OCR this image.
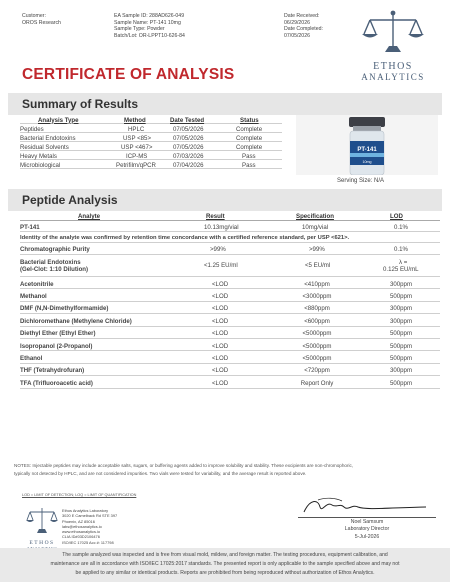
Customer:
OROS Research
EA Sample ID: 288AD626-049
Sample Name: PT-141 10mg
Sample Type: Powder
Batch/Lot: OR-LPPT10-626-84
Date Received:
06/29/2026
Date Completed:
07/05/2026
ETHOS
ANALYTICS
CERTIFICATE OF ANALYSIS
Summary of Results
Analysis Type	Method	Date Tested	Status
Peptides	HPLC	07/05/2026	Complete
Bacterial Endotoxins	USP <85>	07/05/2026	Complete
Residual Solvents	USP <467>	07/05/2026	Complete
Heavy Metals	ICP-MS	07/03/2026	Pass
Microbiological	Petrifilm/qPCR	07/04/2026	Pass
PT-141
10mg
Serving Size: N/A
Peptide Analysis
Analyte	Result	Specification	LOD
PT-141	10.13mg/vial	10mg/vial	0.1%
Identity of the analyte was confirmed by retention time concordance with a certified reference standard, per USP <621>.
Chromatographic Purity	>99%	>99%	0.1%
Bacterial Endotoxins
(Gel-Clot: 1:10 Dilution)
<1.25 EU/ml	<5 EU/ml	λ =
0.125 EU/mL
Acetonitrile	<LOD	<410ppm	300ppm
Methanol	<LOD	<3000ppm	500ppm
DMF (N,N-Dimethylformamide)	<LOD	<880ppm	300ppm
Dichloromethane (Methylene Chloride)	<LOD	<600ppm	300ppm
Diethyl Ether (Ethyl Ether)	<LOD	<5000ppm	500ppm
Isopropanol (2-Propanol)	<LOD	<5000ppm	500ppm
Ethanol	<LOD	<5000ppm	500ppm
THF (Tetrahydrofuran)	<LOD	<720ppm	300ppm
TFA (Trifluoroacetic acid)	<LOD	Report Only	500ppm
NOTES: Injectable peptides may include acceptable salts, sugars, or buffering agents added to improve solubility and stability. These excipients are non-chromophoric,
typically not detected by HPLC, and are not considered impurities. Two vials were tested for variability, and the average result is reported above.
LOD = LIMIT OF DETECTION; LOQ = LIMIT OF QUANTIFICATION
ETHOS
Ethos Analytics Laboratory
3020 E Camelback Rd STE 397
Phoenix, AZ 85016
labs@ethosanalytics.io
www.ethosanalytics.io
CLIA ID#03D2106476
ISO/IEC 17025 Acc #: 117798
Noel Samsum
Laboratory Director
5-Jul-2026
The sample analyzed was inspected and is free from visual mold, mildew, and foreign matter. The testing procedures, equipment calibration, and
maintenance are all in accordance with ISO/IEC 17025:2017 standards. The presented report is only applicable to the sample specified above and may not
be applied to any similar or identical products. Reports are prohibited from being reproduced without authorization of Ethos Analytics.
